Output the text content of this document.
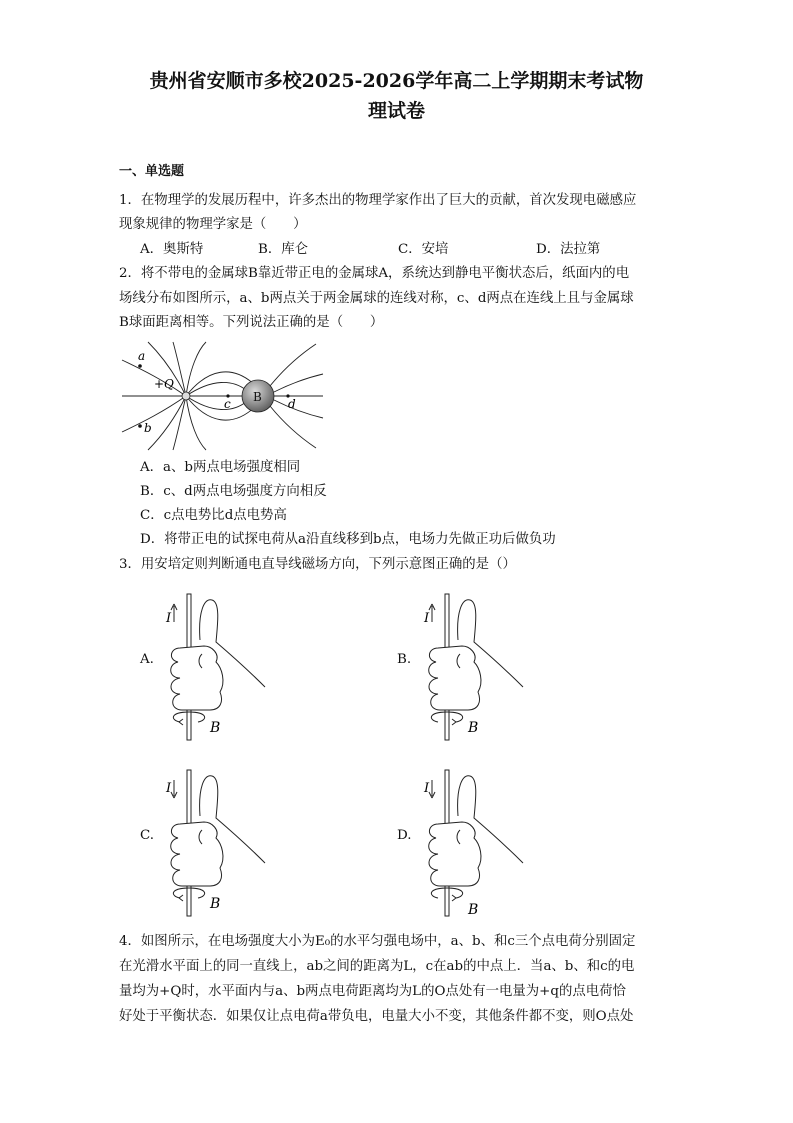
贵州省安顺市多校2025-2026学年高二上学期期末考试物
理试卷
一、单选题
1．在物理学的发展历程中，许多杰出的物理学家作出了巨大的贡献，首次发现电磁感应
现象规律的物理学家是（　　）
A．奥斯特	B．库仑	C．安培	D．法拉第
2．将不带电的金属球B靠近带正电的金属球A，系统达到静电平衡状态后，纸面内的电
场线分布如图所示，a、b两点关于两金属球的连线对称，c、d两点在连线上且与金属球
B球面距离相等。下列说法正确的是（　　）
a
b
c	d
+Q
B
A．a、b两点电场强度相同
B．c、d两点电场强度方向相反
C．c点电势比d点电势高
D．将带正电的试探电荷从a沿直线移到b点，电场力先做正功后做负功
3．用安培定则判断通电直导线磁场方向，下列示意图正确的是（）
A.	B.
C.	D.
I
B
I
B
I
B
I
B
4．如图所示，在电场强度大小为E₀的水平匀强电场中，a、b、和c三个点电荷分别固定
在光滑水平面上的同一直线上，ab之间的距离为L，c在ab的中点上．当a、b、和c的电
量均为+Q时，水平面内与a、b两点电荷距离均为L的O点处有一电量为+q的点电荷恰
好处于平衡状态．如果仅让点电荷a带负电，电量大小不变，其他条件都不变，则O点处
